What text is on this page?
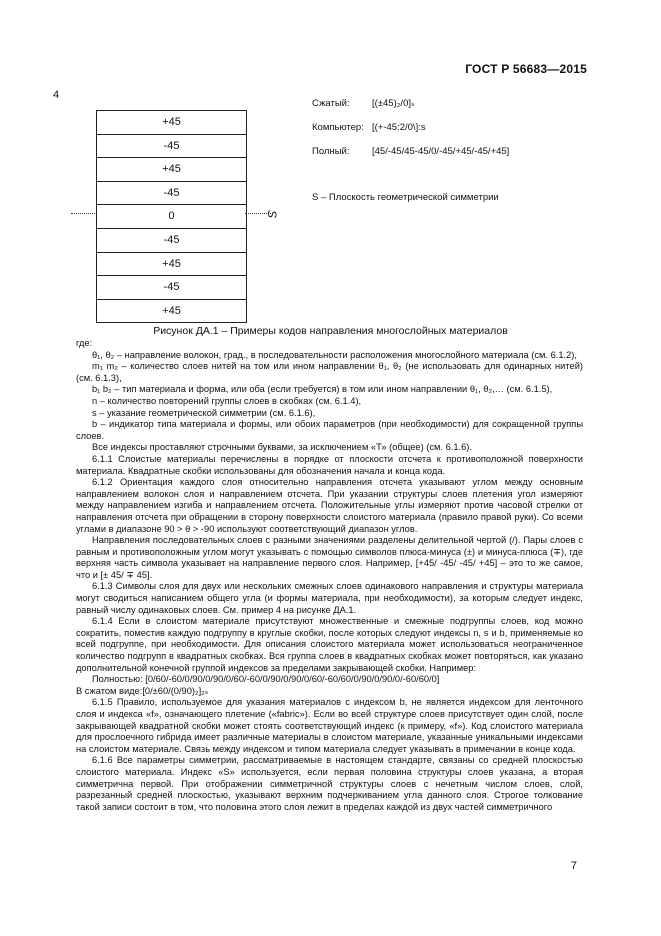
ГОСТ Р 56683—2015
4
+45
-45
+45
-45
0
-45
+45
-45
+45
S
Сжатый:	[(±45)₂/0]ₛ
Компьютер: [(+-45:2/0\]:s
Полный:	[45/-45/45-45/0/-45/+45/-45/+45]
S – Плоскость геометрической симметрии
Рисунок ДА.1 – Примеры кодов направления многослойных материалов

где:

θ₁, θ₂ – направление волокон, град., в последовательности расположения многослойного материала (см. 6.1.2),

m₁ m₂ – количество слоев нитей на том или ином направлении θ₁, θ₂ (не использовать для одинарных нитей) (см. 6.1.3),

b₁ b₂ – тип материала и форма, или оба (если требуется) в том или ином направлении θ₁, θ₂,… (см. 6.1.5),

n – количество повторений группы слоев в скобках (см. 6.1.4),

s – указание геометрической симметрии (см. 6.1.6),

b – индикатор типа материала и формы, или обоих параметров (при необходимости) для сокращенной группы слоев.

Все индексы проставляют строчными буквами, за исключением «Т» (общее) (см. 6.1.6).

6.1.1 Слоистые материалы перечислены в порядке от плоскости отсчета к противоположной поверхности материала. Квадратные скобки использованы для обозначения начала и конца кода.

6.1.2 Ориентация каждого слоя относительно направления отсчета указывают углом между основным направлением волокон слоя и направлением отсчета. При указании структуры слоев плетения угол измеряют между направлением изгиба и направлением отсчета. Положительные углы измеряют против часовой стрелки от направления отсчета при обращении в сторону поверхности слоистого материала (правило правой руки). Со всеми углами в диапазоне 90 > θ > -90 используют соответствующий диапазон углов.

Направления последовательных слоев с разными значениями разделены делительной чертой (/). Пары слоев с равным и противоположным углом могут указывать с помощью символов плюса-минуса (±) и минуса-плюса (∓), где верхняя часть символа указывает на направление первого слоя. Например, [+45/ -45/ -45/ +45] – это то же самое, что и [± 45/ ∓ 45].

6.1.3 Символы слоя для двух или нескольких смежных слоев одинакового направления и структуры материала могут сводиться написанием общего угла (и формы материала, при необходимости), за которым следует индекс, равный числу одинаковых слоев. См. пример 4 на рисунке ДА.1.

6.1.4 Если в слоистом материале присутствуют множественные и смежные подгруппы слоев, код можно сократить, поместив каждую подгруппу в круглые скобки, после которых следуют индексы n, s и b, применяемые ко всей подгруппе, при необходимости. Для описания слоистого материала может использоваться неограниченное количество подгрупп в квадратных скобках. Вся группа слоев в квадратных скобках может повторяться, как указано дополнительной конечной группой индексов за пределами закрывающей скобки. Например:

Полностью: [0/60/-60/0/90/0/90/0/60/-60/0/90/0/90/0/60/-60/60/0/90/0/90/0/-60/60/0]

В сжатом виде:[0/±60/(0/90)₂]₂ₛ

6.1.5 Правило, используемое для указания материалов с индексом b, не является индексом для ленточного слоя и индекса «f», означающего плетение («fabric»). Если во всей структуре слоев присутствует один слой, после закрывающей квадратной скобки может стоять соответствующий индекс (к примеру, «f»). Код слоистого материала для прослоечного гибрида имеет различные материалы в слоистом материале, указанные уникальными индексами на слоистом материале. Связь между индексом и типом материала следует указывать в примечании в конце кода.

6.1.6 Все параметры симметрии, рассматриваемые в настоящем стандарте, связаны со средней плоскостью слоистого материала. Индекс «S» используется, если первая половина структуры слоев указана, а вторая симметрична первой. При отображении симметричной структуры слоев с нечетным числом слоев, слой, разрезанный средней плоскостью, указывают верхним подчеркиванием угла данного слоя. Строгое толкование такой записи состоит в том, что половина этого слоя лежит в пределах каждой из двух частей симметричного

7
